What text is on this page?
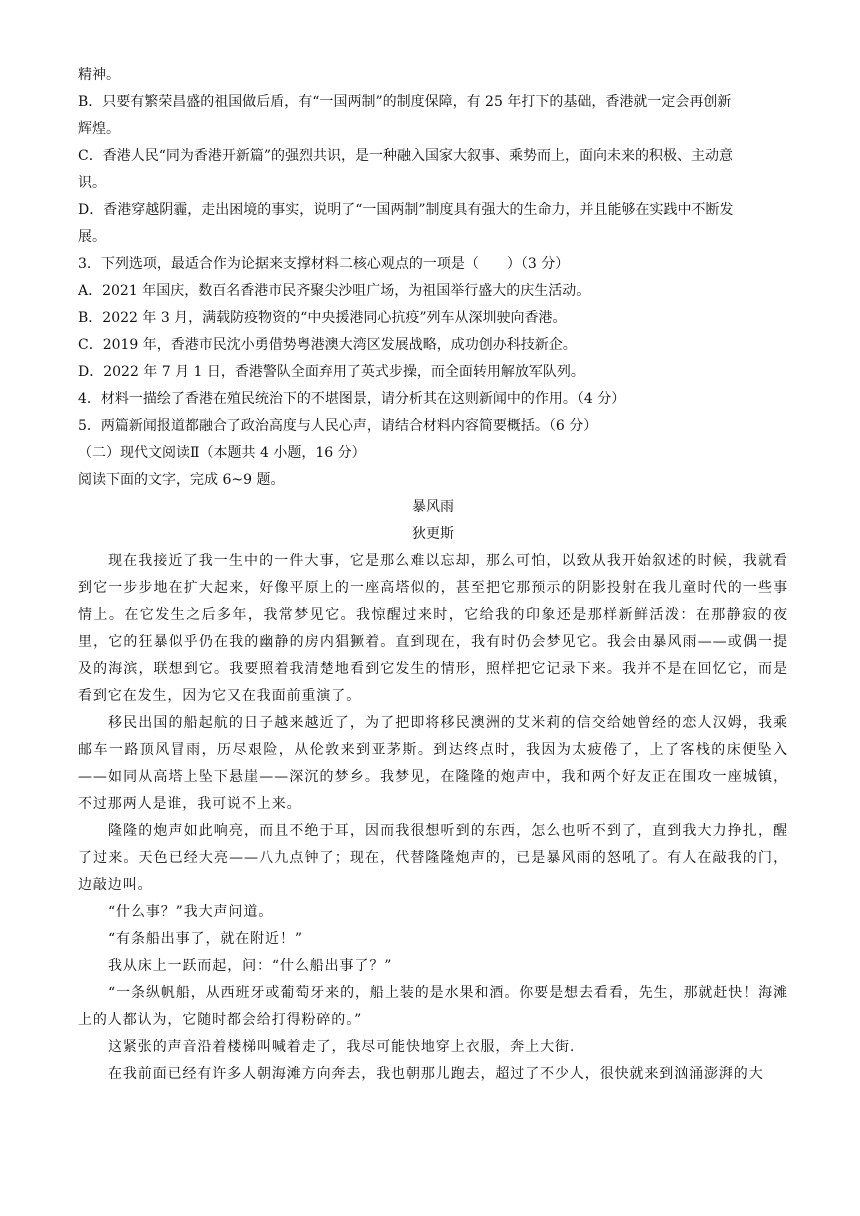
精神。
B．只要有繁荣昌盛的祖国做后盾，有“一国两制”的制度保障，有 25 年打下的基础，香港就一定会再创新
辉煌。
C．香港人民“同为香港开新篇”的强烈共识，是一种融入国家大叙事、乘势而上，面向未来的积极、主动意
识。
D．香港穿越阴霾，走出困境的事实，说明了“一国两制”制度具有强大的生命力，并且能够在实践中不断发
展。
3．下列选项，最适合作为论据来支撑材料二核心观点的一项是（　　）（3 分）
A．2021 年国庆，数百名香港市民齐聚尖沙咀广场，为祖国举行盛大的庆生活动。
B．2022 年 3 月，满载防疫物资的“中央援港同心抗疫”列车从深圳驶向香港。
C．2019 年，香港市民沈小勇借势粤港澳大湾区发展战略，成功创办科技新企。
D．2022 年 7 月 1 日，香港警队全面弃用了英式步操，而全面转用解放军队列。
4．材料一描绘了香港在殖民统治下的不堪图景，请分析其在这则新闻中的作用。（4 分）
5．两篇新闻报道都融合了政治高度与人民心声，请结合材料内容简要概括。（6 分）
（二）现代文阅读Ⅱ（本题共 4 小题，16 分）
阅读下面的文字，完成 6~9 题。
暴风雨
狄更斯

现在我接近了我一生中的一件大事，它是那么难以忘却，那么可怕，以致从我开始叙述的时候，我就看到它一步步地在扩大起来，好像平原上的一座高塔似的，甚至把它那预示的阴影投射在我儿童时代的一些事情上。在它发生之后多年，我常梦见它。我惊醒过来时，它给我的印象还是那样新鲜活泼：在那静寂的夜里，它的狂暴似乎仍在我的幽静的房内猖獗着。直到现在，我有时仍会梦见它。我会由暴风雨——或偶一提及的海滨，联想到它。我要照着我清楚地看到它发生的情形，照样把它记录下来。我并不是在回忆它，而是看到它在发生，因为它又在我面前重演了。

移民出国的船起航的日子越来越近了，为了把即将移民澳洲的艾米莉的信交给她曾经的恋人汉姆，我乘邮车一路顶风冒雨，历尽艰险，从伦敦来到亚茅斯。到达终点时，我因为太疲倦了，上了客栈的床便坠入——如同从高塔上坠下悬崖——深沉的梦乡。我梦见，在隆隆的炮声中，我和两个好友正在围攻一座城镇，不过那两人是谁，我可说不上来。

隆隆的炮声如此响亮，而且不绝于耳，因而我很想听到的东西，怎么也听不到了，直到我大力挣扎，醒了过来。天色已经大亮——八九点钟了；现在，代替隆隆炮声的，已是暴风雨的怒吼了。有人在敲我的门，边敲边叫。

“什么事？”我大声问道。

“有条船出事了，就在附近！”

我从床上一跃而起，问：“什么船出事了？”

“一条纵帆船，从西班牙或葡萄牙来的，船上装的是水果和酒。你要是想去看看，先生，那就赶快！海滩上的人都认为，它随时都会给打得粉碎的。”

这紧张的声音沿着楼梯叫喊着走了，我尽可能快地穿上衣服，奔上大街.

在我前面已经有许多人朝海滩方向奔去，我也朝那儿跑去，超过了不少人，很快就来到汹涌澎湃的大
